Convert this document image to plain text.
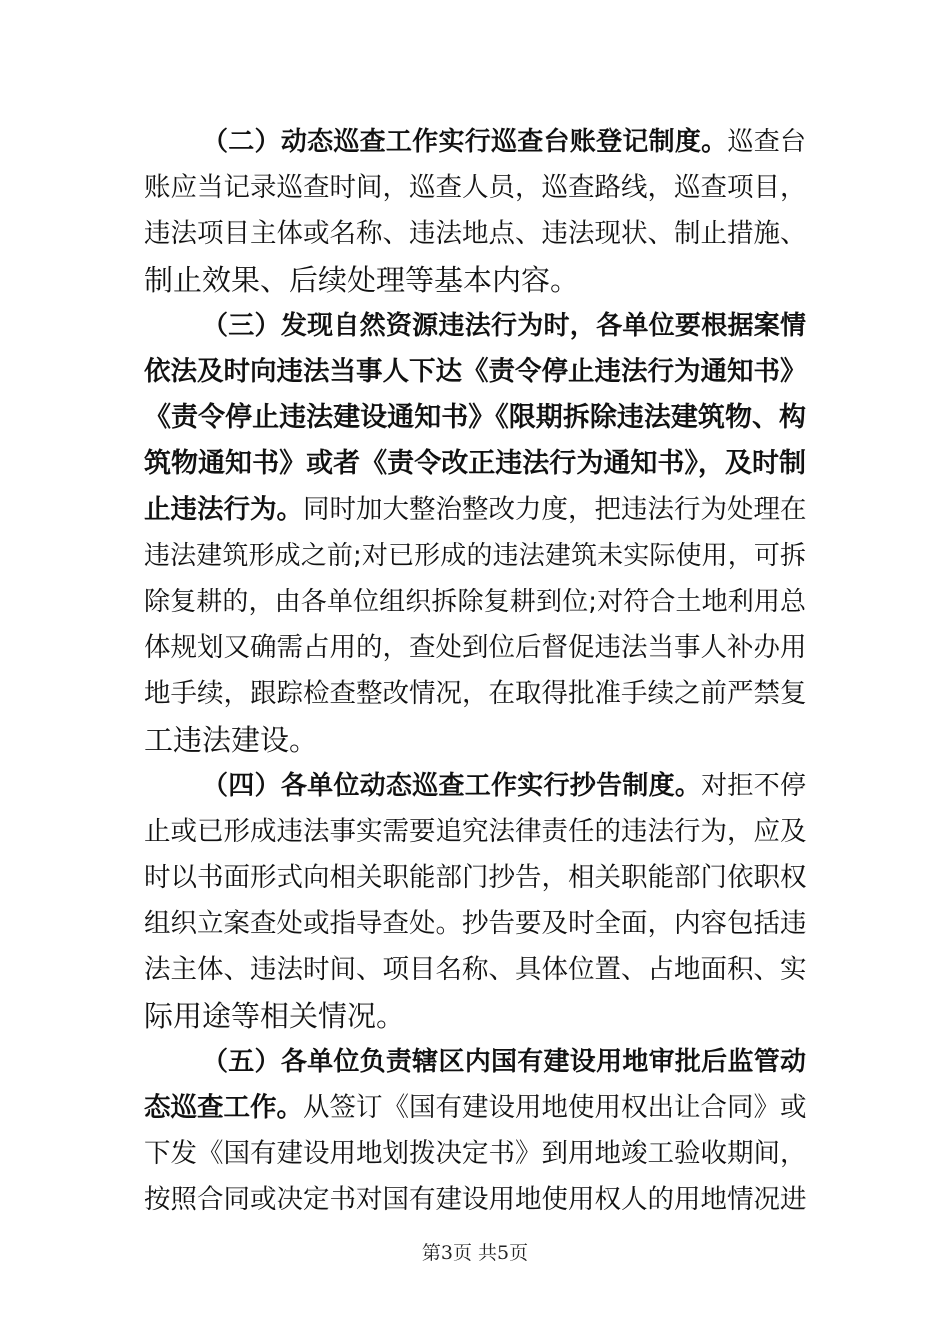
（二）动态巡查工作实行巡查台账登记制度。巡查台
账应当记录巡查时间，巡查人员，巡查路线，巡查项目，
违法项目主体或名称、违法地点、违法现状、制止措施、
制止效果、后续处理等基本内容。
（三）发现自然资源违法行为时，各单位要根据案情
依法及时向违法当事人下达《责令停止违法行为通知书》
《责令停止违法建设通知书》《限期拆除违法建筑物、构
筑物通知书》或者《责令改正违法行为通知书》，及时制
止违法行为。同时加大整治整改力度，把违法行为处理在
违法建筑形成之前;对已形成的违法建筑未实际使用，可拆
除复耕的，由各单位组织拆除复耕到位;对符合土地利用总
体规划又确需占用的，查处到位后督促违法当事人补办用
地手续，跟踪检查整改情况，在取得批准手续之前严禁复
工违法建设。
（四）各单位动态巡查工作实行抄告制度。对拒不停
止或已形成违法事实需要追究法律责任的违法行为，应及
时以书面形式向相关职能部门抄告，相关职能部门依职权
组织立案查处或指导查处。抄告要及时全面，内容包括违
法主体、违法时间、项目名称、具体位置、占地面积、实
际用途等相关情况。
（五）各单位负责辖区内国有建设用地审批后监管动
态巡查工作。从签订《国有建设用地使用权出让合同》或
下发《国有建设用地划拨决定书》到用地竣工验收期间，
按照合同或决定书对国有建设用地使用权人的用地情况进
第3页 共5页
